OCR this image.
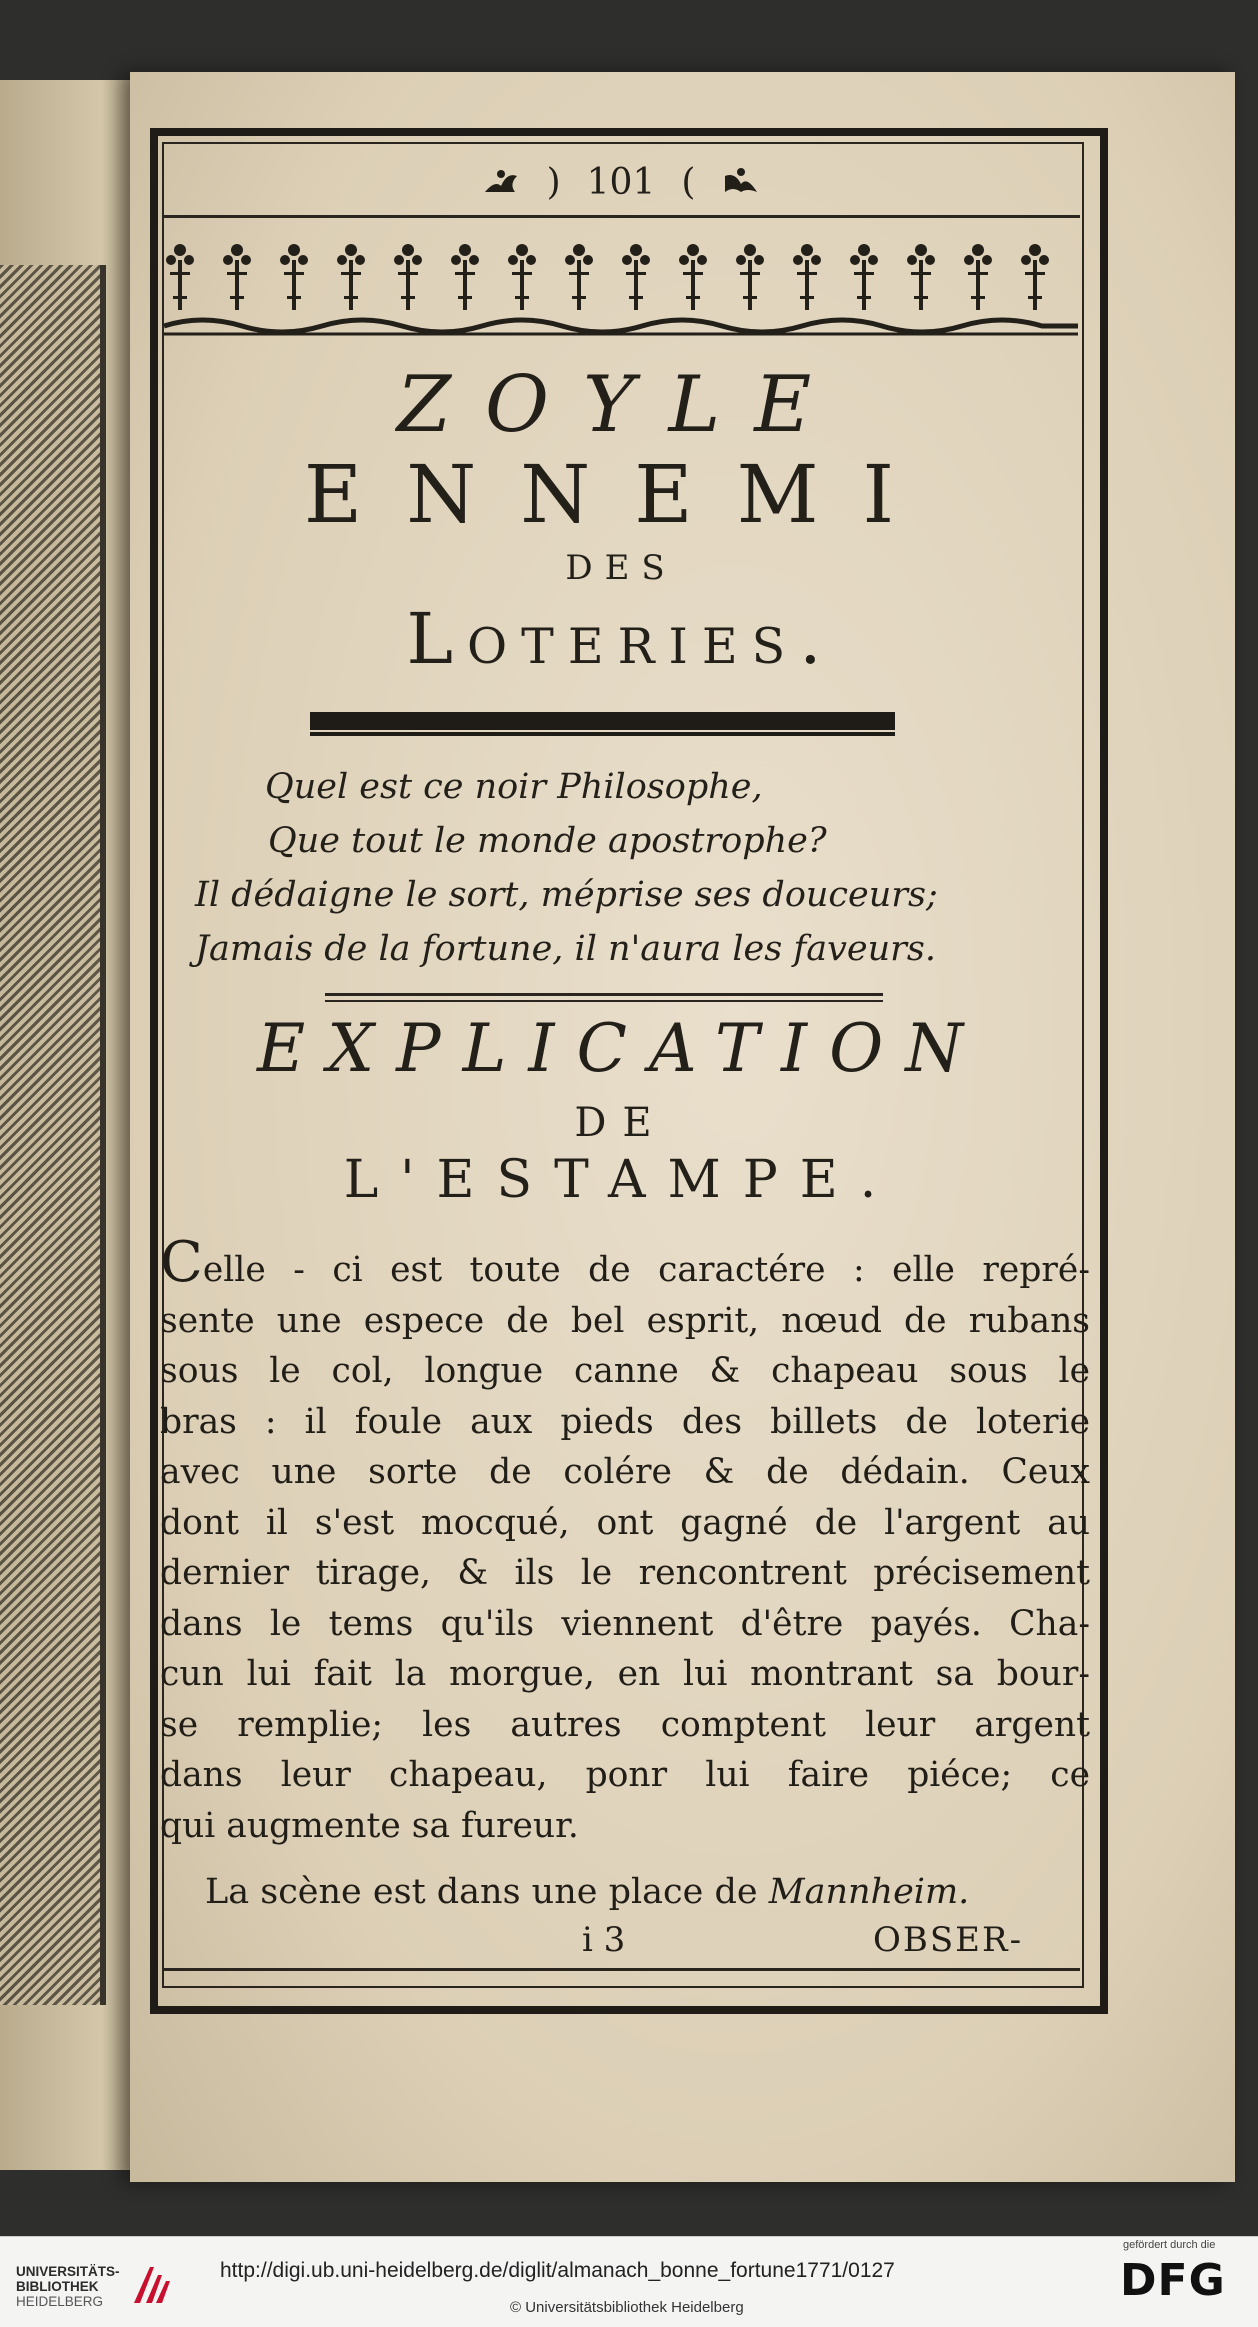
) 101 (
ZOYLE
ENNEMI
DES
Loteries.
Quel est ce noir Philosophe,
Que tout le monde apostrophe?
Il dédaigne le sort, méprise ses douceurs;
Jamais de la fortune, il n'aura les faveurs.
EXPLICATION
DE
L'ESTAMPE.
Celle - ci est toute de caractére : elle repré-
sente une espece de bel esprit, nœud de rubans
sous le col, longue canne & chapeau sous le
bras : il foule aux pieds des billets de loterie
avec une sorte de colére & de dédain. Ceux
dont il s'est mocqué, ont gagné de l'argent au
dernier tirage, & ils le rencontrent précisement
dans le tems qu'ils viennent d'être payés. Cha-
cun lui fait la morgue, en lui montrant sa bour-
se remplie; les autres comptent leur argent
dans leur chapeau, ponr lui faire piéce; ce
qui augmente sa fureur.
La scène est dans une place de Mannheim.
i 3	OBSER-
UNIVERSITÄTS-
BIBLIOTHEK
HEIDELBERG
http://digi.ub.uni-heidelberg.de/diglit/almanach_bonne_fortune1771/0127
© Universitätsbibliothek Heidelberg
gefördert durch die
DFG
